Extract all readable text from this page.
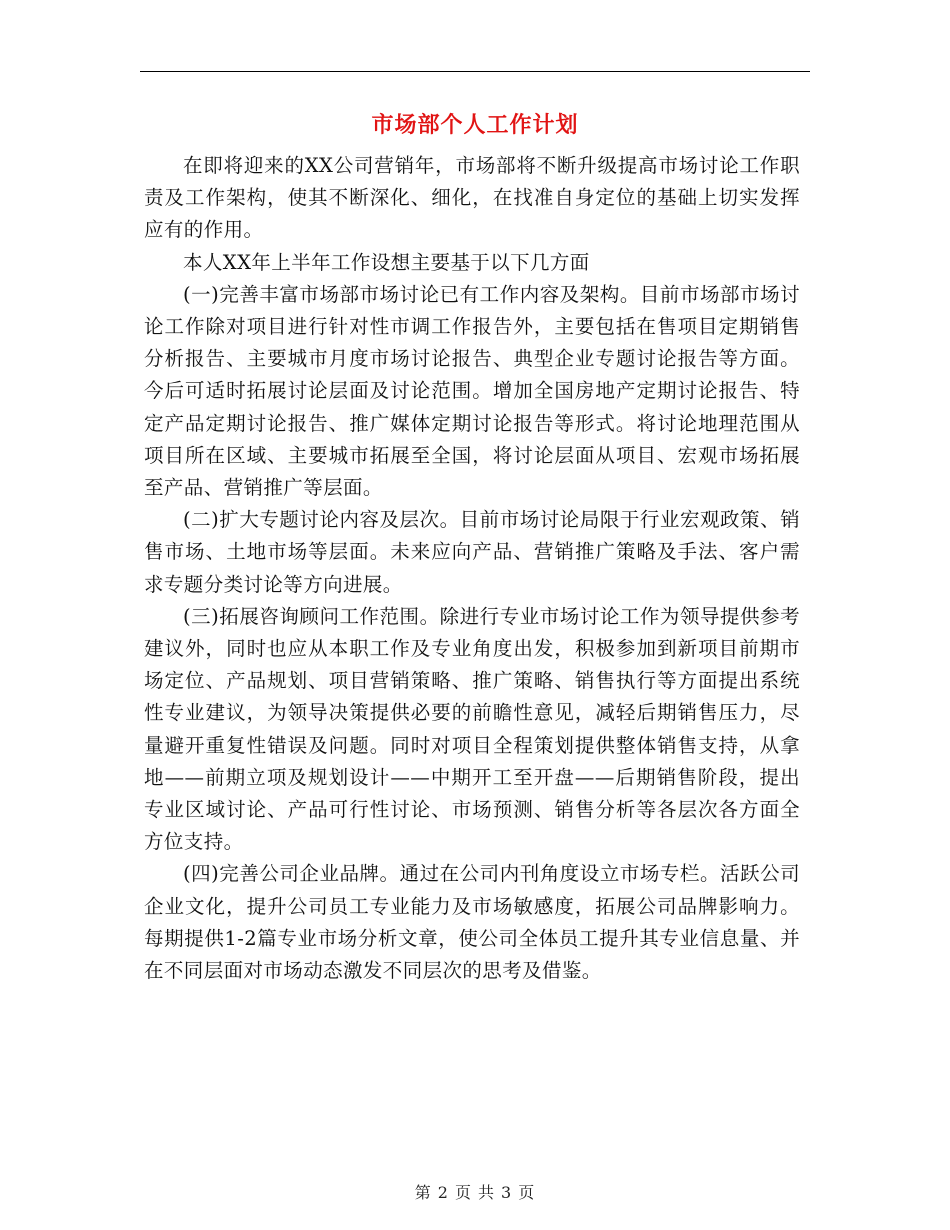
市场部个人工作计划

在即将迎来的XX公司营销年，市场部将不断升级提高市场讨论工作职责及工作架构，使其不断深化、细化，在找准自身定位的基础上切实发挥应有的作用。

本人XX年上半年工作设想主要基于以下几方面

(一)完善丰富市场部市场讨论已有工作内容及架构。目前市场部市场讨论工作除对项目进行针对性市调工作报告外，主要包括在售项目定期销售分析报告、主要城市月度市场讨论报告、典型企业专题讨论报告等方面。今后可适时拓展讨论层面及讨论范围。增加全国房地产定期讨论报告、特定产品定期讨论报告、推广媒体定期讨论报告等形式。将讨论地理范围从项目所在区域、主要城市拓展至全国，将讨论层面从项目、宏观市场拓展至产品、营销推广等层面。

(二)扩大专题讨论内容及层次。目前市场讨论局限于行业宏观政策、销售市场、土地市场等层面。未来应向产品、营销推广策略及手法、客户需求专题分类讨论等方向进展。

(三)拓展咨询顾问工作范围。除进行专业市场讨论工作为领导提供参考建议外，同时也应从本职工作及专业角度出发，积极参加到新项目前期市场定位、产品规划、项目营销策略、推广策略、销售执行等方面提出系统性专业建议，为领导决策提供必要的前瞻性意见，减轻后期销售压力，尽量避开重复性错误及问题。同时对项目全程策划提供整体销售支持，从拿地——前期立项及规划设计——中期开工至开盘——后期销售阶段，提出专业区域讨论、产品可行性讨论、市场预测、销售分析等各层次各方面全方位支持。

(四)完善公司企业品牌。通过在公司内刊角度设立市场专栏。活跃公司企业文化，提升公司员工专业能力及市场敏感度，拓展公司品牌影响力。每期提供1-2篇专业市场分析文章，使公司全体员工提升其专业信息量、并在不同层面对市场动态激发不同层次的思考及借鉴。

第 2 页 共 3 页
